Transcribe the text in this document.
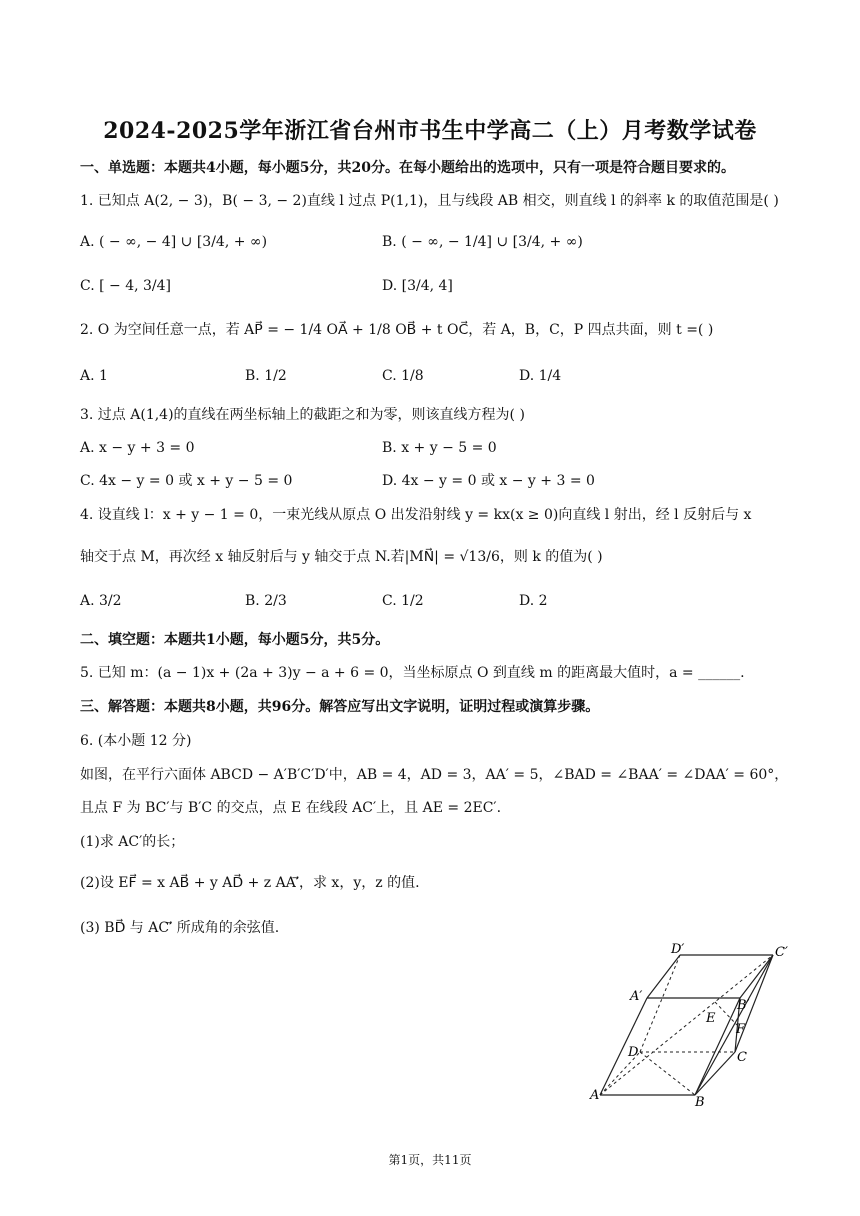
2024-2025学年浙江省台州市书生中学高二（上）月考数学试卷
一、单选题：本题共4小题，每小题5分，共20分。在每小题给出的选项中，只有一项是符合题目要求的。
1. 已知点 A(2, − 3)，B( − 3, − 2)直线 l 过点 P(1,1)，且与线段 AB 相交，则直线 l 的斜率 k 的取值范围是( )
A. ( − ∞, − 4] ∪ [3/4, + ∞)	B. ( − ∞, − 1/4] ∪ [3/4, + ∞)
C. [ − 4, 3/4]	D. [3/4, 4]
2. O 为空间任意一点，若 AP⃗ = − 1/4 OA⃗ + 1/8 OB⃗ + t OC⃗，若 A，B，C，P 四点共面，则 t =( )
A. 1	B. 1/2	C. 1/8	D. 1/4
3. 过点 A(1,4)的直线在两坐标轴上的截距之和为零，则该直线方程为( )
A. x − y + 3 = 0	B. x + y − 5 = 0
C. 4x − y = 0 或 x + y − 5 = 0	D. 4x − y = 0 或 x − y + 3 = 0
4. 设直线 l：x + y − 1 = 0，一束光线从原点 O 出发沿射线 y = kx(x ≥ 0)向直线 l 射出，经 l 反射后与 x
轴交于点 M，再次经 x 轴反射后与 y 轴交于点 N.若|MN⃗| = √13/6，则 k 的值为( )
A. 3/2	B. 2/3	C. 1/2	D. 2
二、填空题：本题共1小题，每小题5分，共5分。
5. 已知 m：(a − 1)x + (2a + 3)y − a + 6 = 0，当坐标原点 O 到直线 m 的距离最大值时，a = ______.
三、解答题：本题共8小题，共96分。解答应写出文字说明，证明过程或演算步骤。
6. (本小题 12 分)
如图，在平行六面体 ABCD − A′B′C′D′中，AB = 4，AD = 3，AA′ = 5，∠BAD = ∠BAA′ = ∠DAA′ = 60°，
且点 F 为 BC′与 B′C 的交点，点 E 在线段 AC′上，且 AE = 2EC′.
(1)求 AC′的长；
(2)设 EF⃗ = x AB⃗ + y AD⃗ + z AA′⃗，求 x，y，z 的值.
(3) BD⃗ 与 AC′⃗ 所成角的余弦值.
D′	C′
A′
B′
E
F
D	C
A	B
第1页，共11页
